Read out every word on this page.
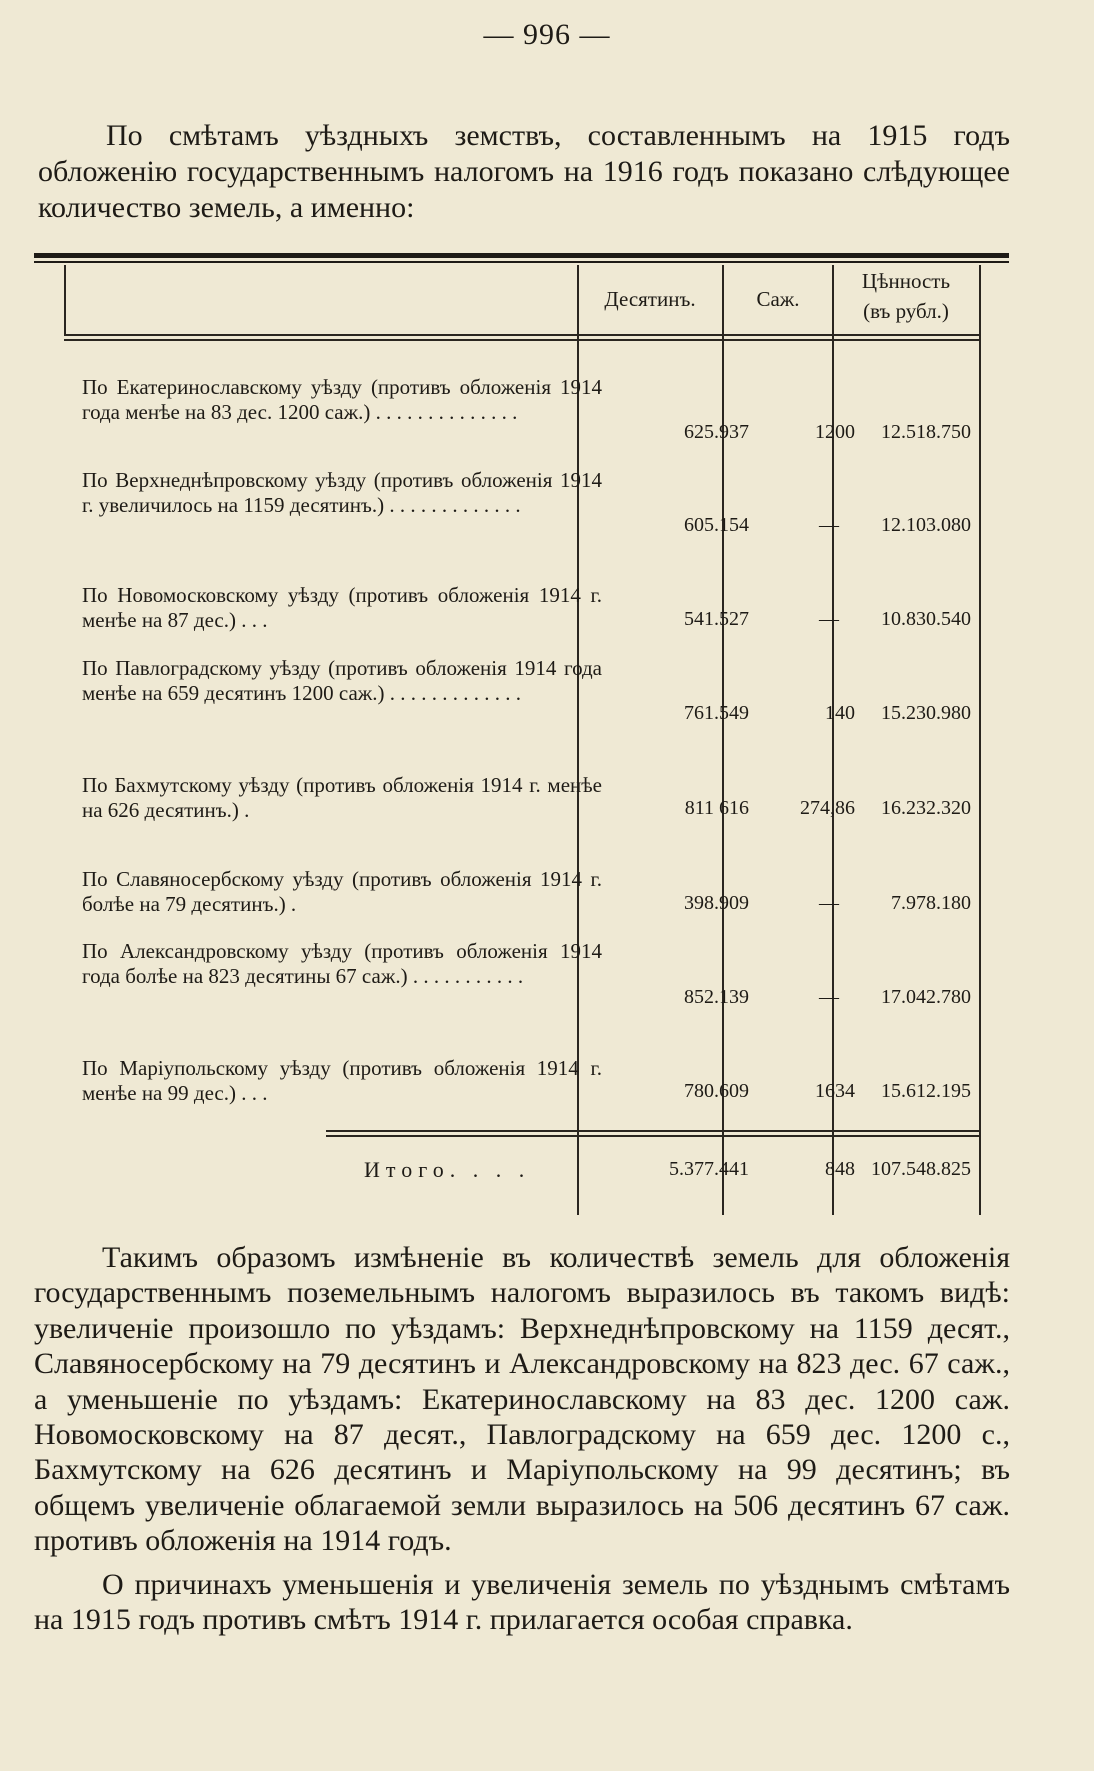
— 996 —

По смѣтамъ уѣздныхъ земствъ, составленнымъ на 1915 годъ обложенію государственнымъ налогомъ на 1916 годъ показано слѣдующее количество земель, а именно:

Десятинъ.	Саж.
Цѣнность
(въ рубл.)
По Екатеринославскому уѣзду (противъ обложенія 1914 года менѣе на 83 дес. 1200 саж.) . . . . . . . . . . . . . .
625.937	1200 12.518.750
По Верхнеднѣпровскому уѣзду (противъ обложенія 1914 г. увеличилось на 1159 десятинъ.) . . . . . . . . . . . . .
605.154	— 12.103.080
По Новомосковскому уѣзду (противъ обложенія 1914 г. менѣе на 87 дес.) . . .	541.527	— 10.830.540
По Павлоградскому уѣзду (противъ обложенія 1914 года менѣе на 659 десятинъ 1200 саж.) . . . . . . . . . . . . .
761.549	140 15.230.980
По Бахмутскому уѣзду (противъ обложенія 1914 г. менѣе на 626 десятинъ.) .	811 616	274,86 16.232.320
По Славяносербскому уѣзду (противъ обложенія 1914 г. болѣе на 79 десятинъ.) .	398.909	—	7.978.180
По Александровскому уѣзду (противъ обложенія 1914 года болѣе на 823 десятины 67 саж.) . . . . . . . . . . .
852.139	— 17.042.780
По Маріупольскому уѣзду (противъ обложенія 1914 г. менѣе на 99 дес.) . . .	780.609	1634 15.612.195
Итого. . . .	5.377.441	848 107.548.825

Такимъ образомъ измѣненіе въ количествѣ земель для обложенія государственнымъ поземельнымъ налогомъ выразилось въ такомъ видѣ: увеличеніе произошло по уѣздамъ: Верхнеднѣпровскому на 1159 десят., Славяносербскому на 79 десятинъ и Александровскому на 823 дес. 67 саж., а уменьшеніе по уѣздамъ: Екатеринославскому на 83 дес. 1200 саж. Новомосковскому на 87 десят., Павлоградскому на 659 дес. 1200 с., Бахмутскому на 626 десятинъ и Маріупольскому на 99 десятинъ; въ общемъ увеличеніе облагаемой земли выразилось на 506 десятинъ 67 саж. противъ обложенія на 1914 годъ.

О причинахъ уменьшенія и увеличенія земель по уѣзднымъ смѣтамъ на 1915 годъ противъ смѣтъ 1914 г. прилагается особая справка.
